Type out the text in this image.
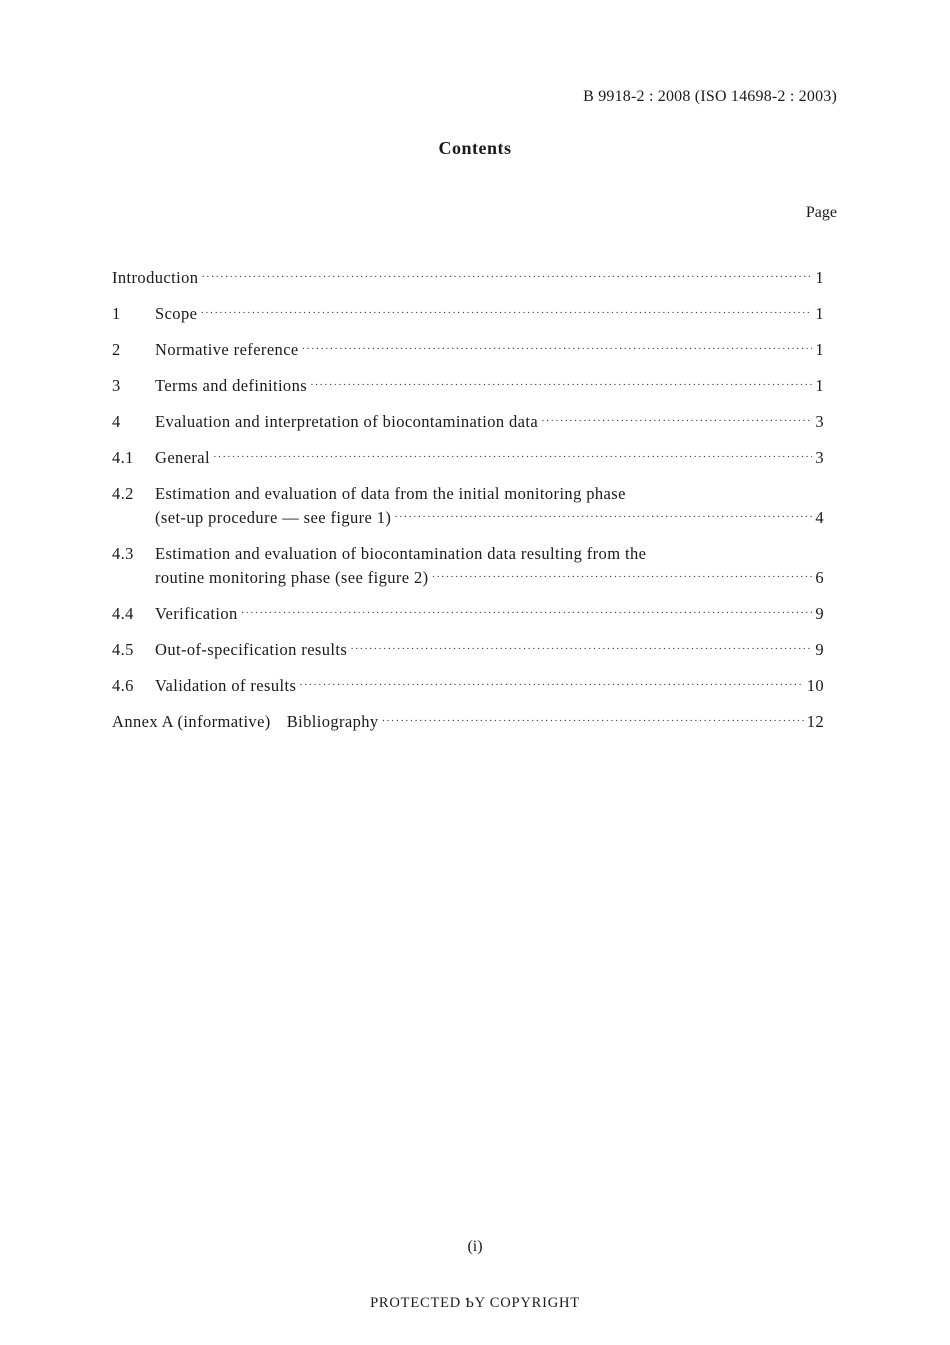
B 9918-2 : 2008 (ISO 14698-2 : 2003)
Contents
Page
Introduction ·····	1
1	Scope ·····	1
2	Normative reference ·····	1
3	Terms and definitions ·····	1
4	Evaluation and interpretation of biocontamination data ·····	3
4.1	General ·····	3
4.2	Estimation and evaluation of data from the initial monitoring phase
(set-up procedure — see figure 1) ·····	4
4.3	Estimation and evaluation of biocontamination data resulting from the
routine monitoring phase (see figure 2) ·····	6
4.4	Verification ·····	9
4.5	Out-of-specification results ·····	9
4.6	Validation of results ·····	10
Annex A (informative) Bibliography ·····	12
(i)
PROTECTED ƄY COPYRIGHT
